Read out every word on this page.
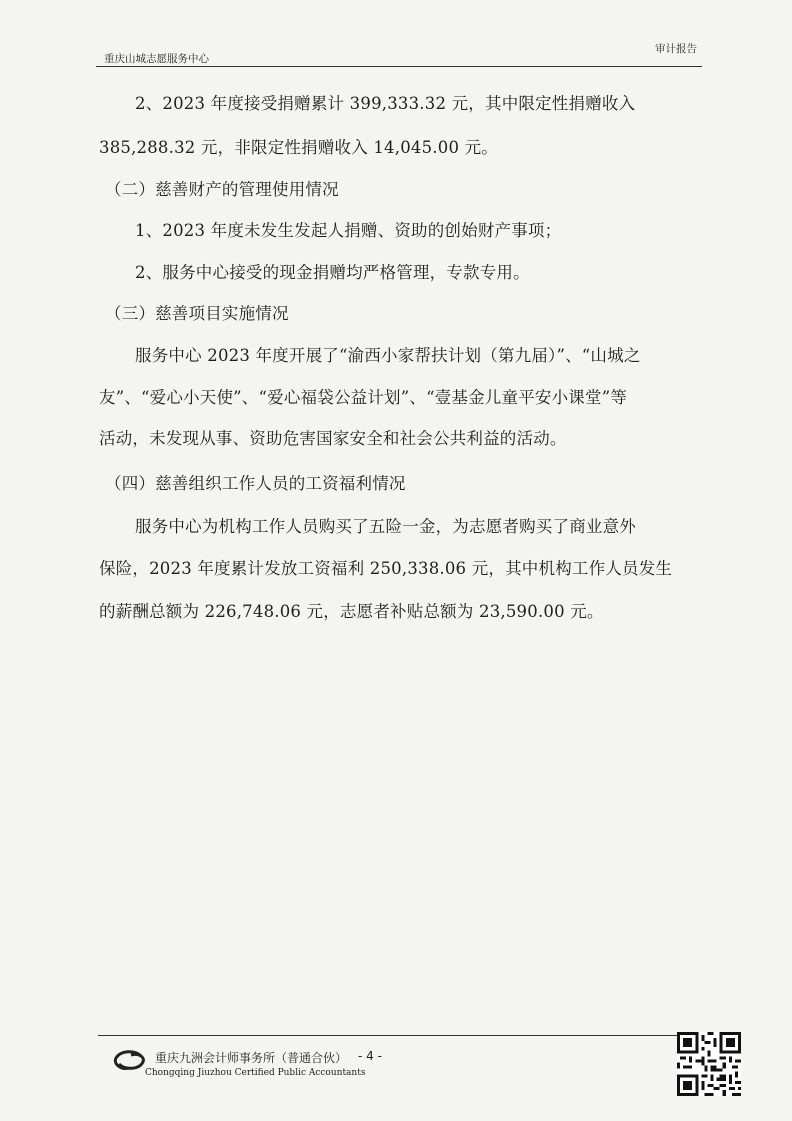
重庆山城志愿服务中心
审计报告
2、2023 年度接受捐赠累计 399,333.32 元，其中限定性捐赠收入
385,288.32 元，非限定性捐赠收入 14,045.00 元。
（二）慈善财产的管理使用情况
1、2023 年度未发生发起人捐赠、资助的创始财产事项；
2、服务中心接受的现金捐赠均严格管理，专款专用。
（三）慈善项目实施情况
服务中心 2023 年度开展了“渝西小家帮扶计划（第九届）”、“山城之
友”、“爱心小天使”、“爱心福袋公益计划”、“壹基金儿童平安小课堂”等
活动，未发现从事、资助危害国家安全和社会公共利益的活动。
（四）慈善组织工作人员的工资福利情况
服务中心为机构工作人员购买了五险一金，为志愿者购买了商业意外
保险，2023 年度累计发放工资福利 250,338.06 元，其中机构工作人员发生
的薪酬总额为 226,748.06 元，志愿者补贴总额为 23,590.00 元。
重庆九洲会计师事务所（普通合伙） - 4 -
Chongqing Jiuzhou Certified Public Accountants
